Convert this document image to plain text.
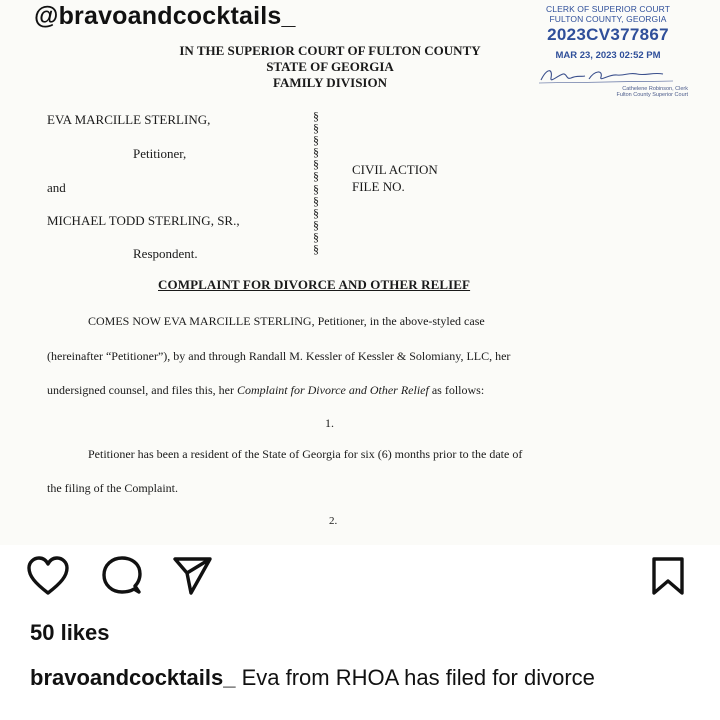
@bravoandcocktails_	CLERK OF SUPERIOR COURT
FULTON COUNTY, GEORGIA
2023CV377867
MAR 23, 2023 02:52 PM
Cathelene Robinson, Clerk
Fulton County Superior Court
IN THE SUPERIOR COURT OF FULTON COUNTY
STATE OF GEORGIA
FAMILY DIVISION
EVA MARCILLE STERLING,
Petitioner,
and
MICHAEL TODD STERLING, SR.,
Respondent.
§ § § § § § § § § § § §
CIVIL ACTION
FILE NO.
COMPLAINT FOR DIVORCE AND OTHER RELIEF
COMES NOW EVA MARCILLE STERLING, Petitioner, in the above-styled case
(hereinafter “Petitioner”), by and through Randall M. Kessler of Kessler & Solomiany, LLC, her
undersigned counsel, and files this, her Complaint for Divorce and Other Relief as follows:
1.
Petitioner has been a resident of the State of Georgia for six (6) months prior to the date of
the filing of the Complaint.
2.
50 likes
bravoandcocktails_ Eva from RHOA has filed for divorce
